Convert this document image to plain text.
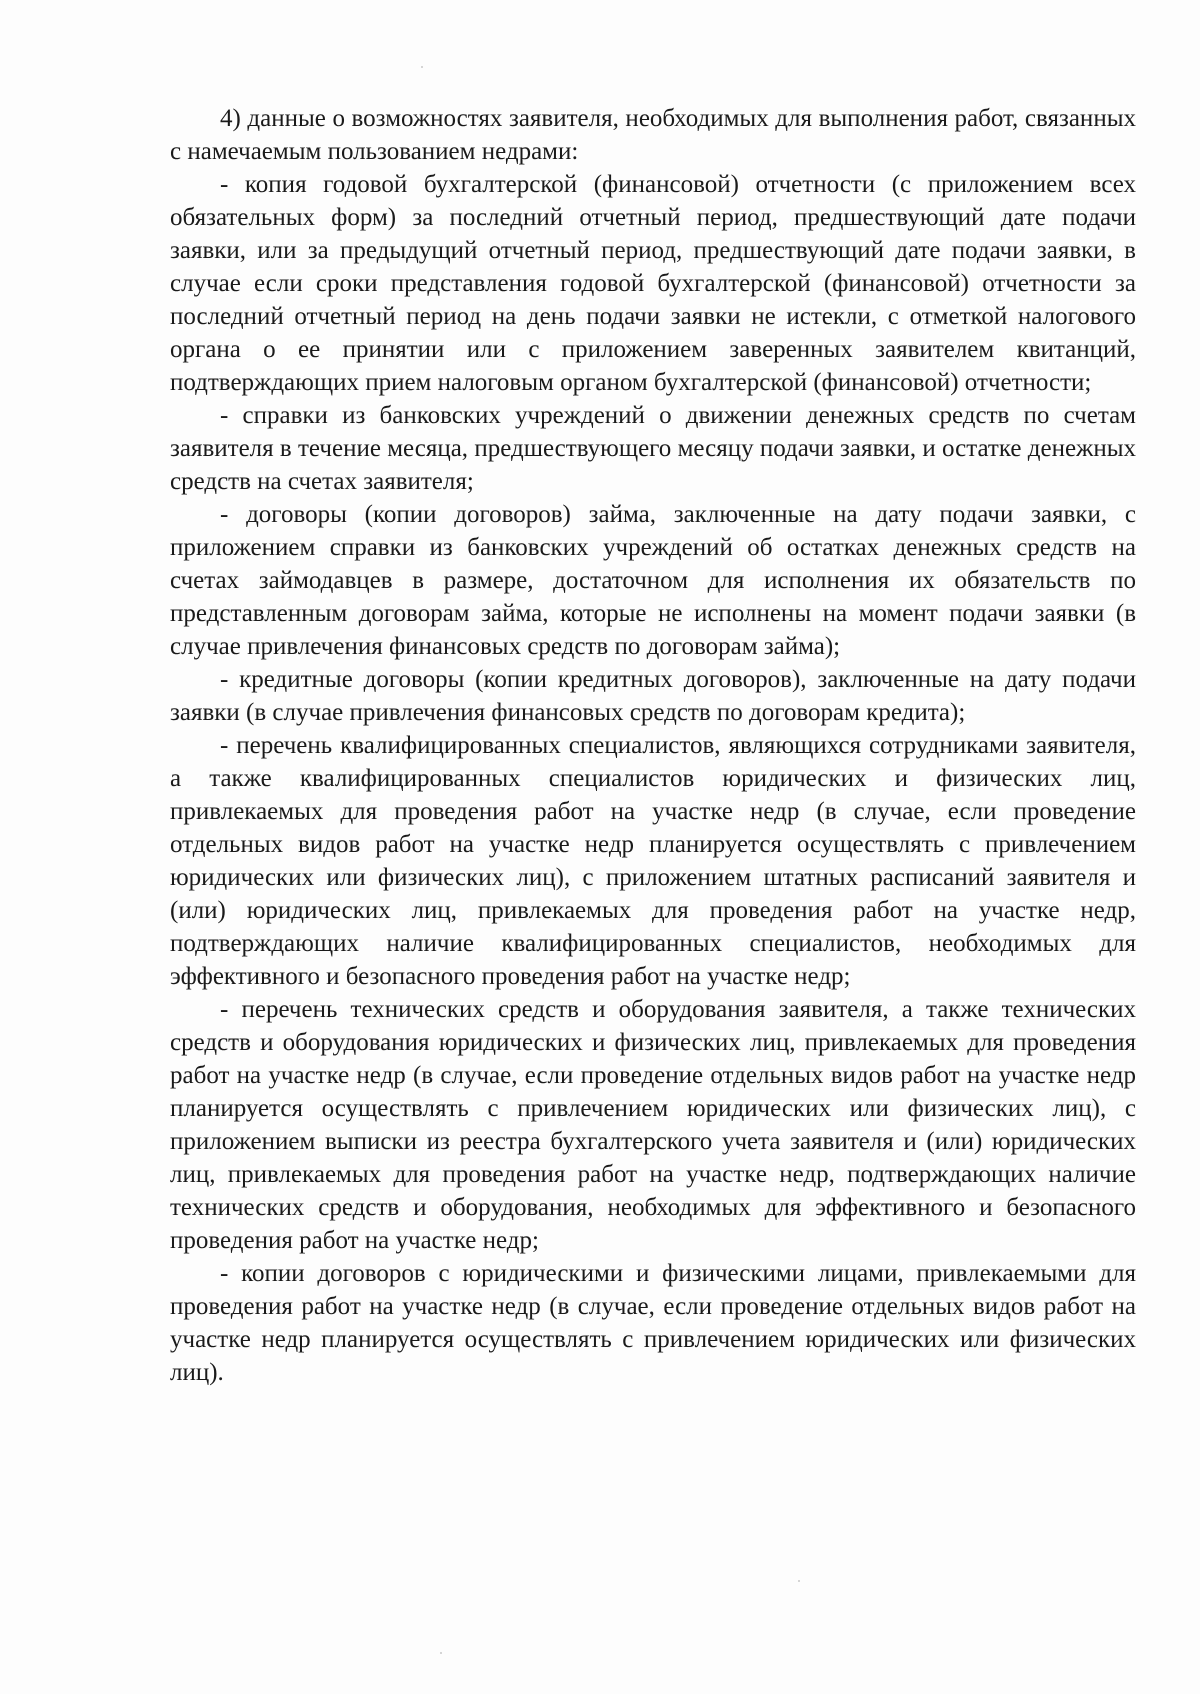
4) данные о возможностях заявителя, необходимых для выполнения работ, связанных с намечаемым пользованием недрами:

- копия годовой бухгалтерской (финансовой) отчетности (с приложением всех обязательных форм) за последний отчетный период, предшествующий дате подачи заявки, или за предыдущий отчетный период, предшествующий дате подачи заявки, в случае если сроки представления годовой бухгалтерской (финансовой) отчетности за последний отчетный период на день подачи заявки не истекли, с отметкой налогового органа о ее принятии или с приложением заверенных заявителем квитанций, подтверждающих прием налоговым органом бухгалтерской (финансовой) отчетности;

- справки из банковских учреждений о движении денежных средств по счетам заявителя в течение месяца, предшествующего месяцу подачи заявки, и остатке денежных средств на счетах заявителя;

- договоры (копии договоров) займа, заключенные на дату подачи заявки, с приложением справки из банковских учреждений об остатках денежных средств на счетах займодавцев в размере, достаточном для исполнения их обязательств по представленным договорам займа, которые не исполнены на момент подачи заявки (в случае привлечения финансовых средств по договорам займа);

- кредитные договоры (копии кредитных договоров), заключенные на дату подачи заявки (в случае привлечения финансовых средств по договорам кредита);

- перечень квалифицированных специалистов, являющихся сотрудниками заявителя, а также квалифицированных специалистов юридических и физических лиц, привлекаемых для проведения работ на участке недр (в случае, если проведение отдельных видов работ на участке недр планируется осуществлять с привлечением юридических или физических лиц), с приложением штатных расписаний заявителя и (или) юридических лиц, привлекаемых для проведения работ на участке недр, подтверждающих наличие квалифицированных специалистов, необходимых для эффективного и безопасного проведения работ на участке недр;

- перечень технических средств и оборудования заявителя, а также технических средств и оборудования юридических и физических лиц, привлекаемых для проведения работ на участке недр (в случае, если проведение отдельных видов работ на участке недр планируется осуществлять с привлечением юридических или физических лиц), с приложением выписки из реестра бухгалтерского учета заявителя и (или) юридических лиц, привлекаемых для проведения работ на участке недр, подтверждающих наличие технических средств и оборудования, необходимых для эффективного и безопасного проведения работ на участке недр;

- копии договоров с юридическими и физическими лицами, привлекаемыми для проведения работ на участке недр (в случае, если проведение отдельных видов работ на участке недр планируется осуществлять с привлечением юридических или физических лиц).
